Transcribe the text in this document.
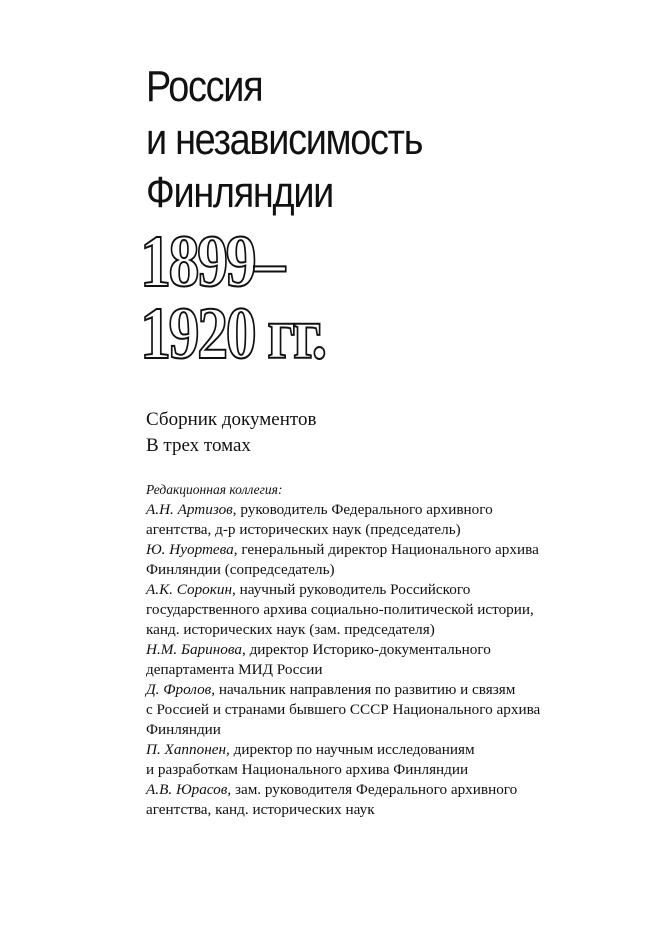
Россия
и независимость
Финляндии
1899–
1920 гг.
Сборник документов
В трех томах
Редакционная коллегия:
А.Н. Артизов, руководитель Федерального архивного
агентства, д-р исторических наук (председатель)
Ю. Нуортева, генеральный директор Национального архива
Финляндии (сопредседатель)
А.К. Сорокин, научный руководитель Российского
государственного архива социально-политической истории,
канд. исторических наук (зам. председателя)
Н.М. Баринова, директор Историко-документального
департамента МИД России
Д. Фролов, начальник направления по развитию и связям
с Россией и странами бывшего СССР Национального архива
Финляндии
П. Хаппонен, директор по научным исследованиям
и разработкам Национального архива Финляндии
А.В. Юрасов, зам. руководителя Федерального архивного
агентства, канд. исторических наук
